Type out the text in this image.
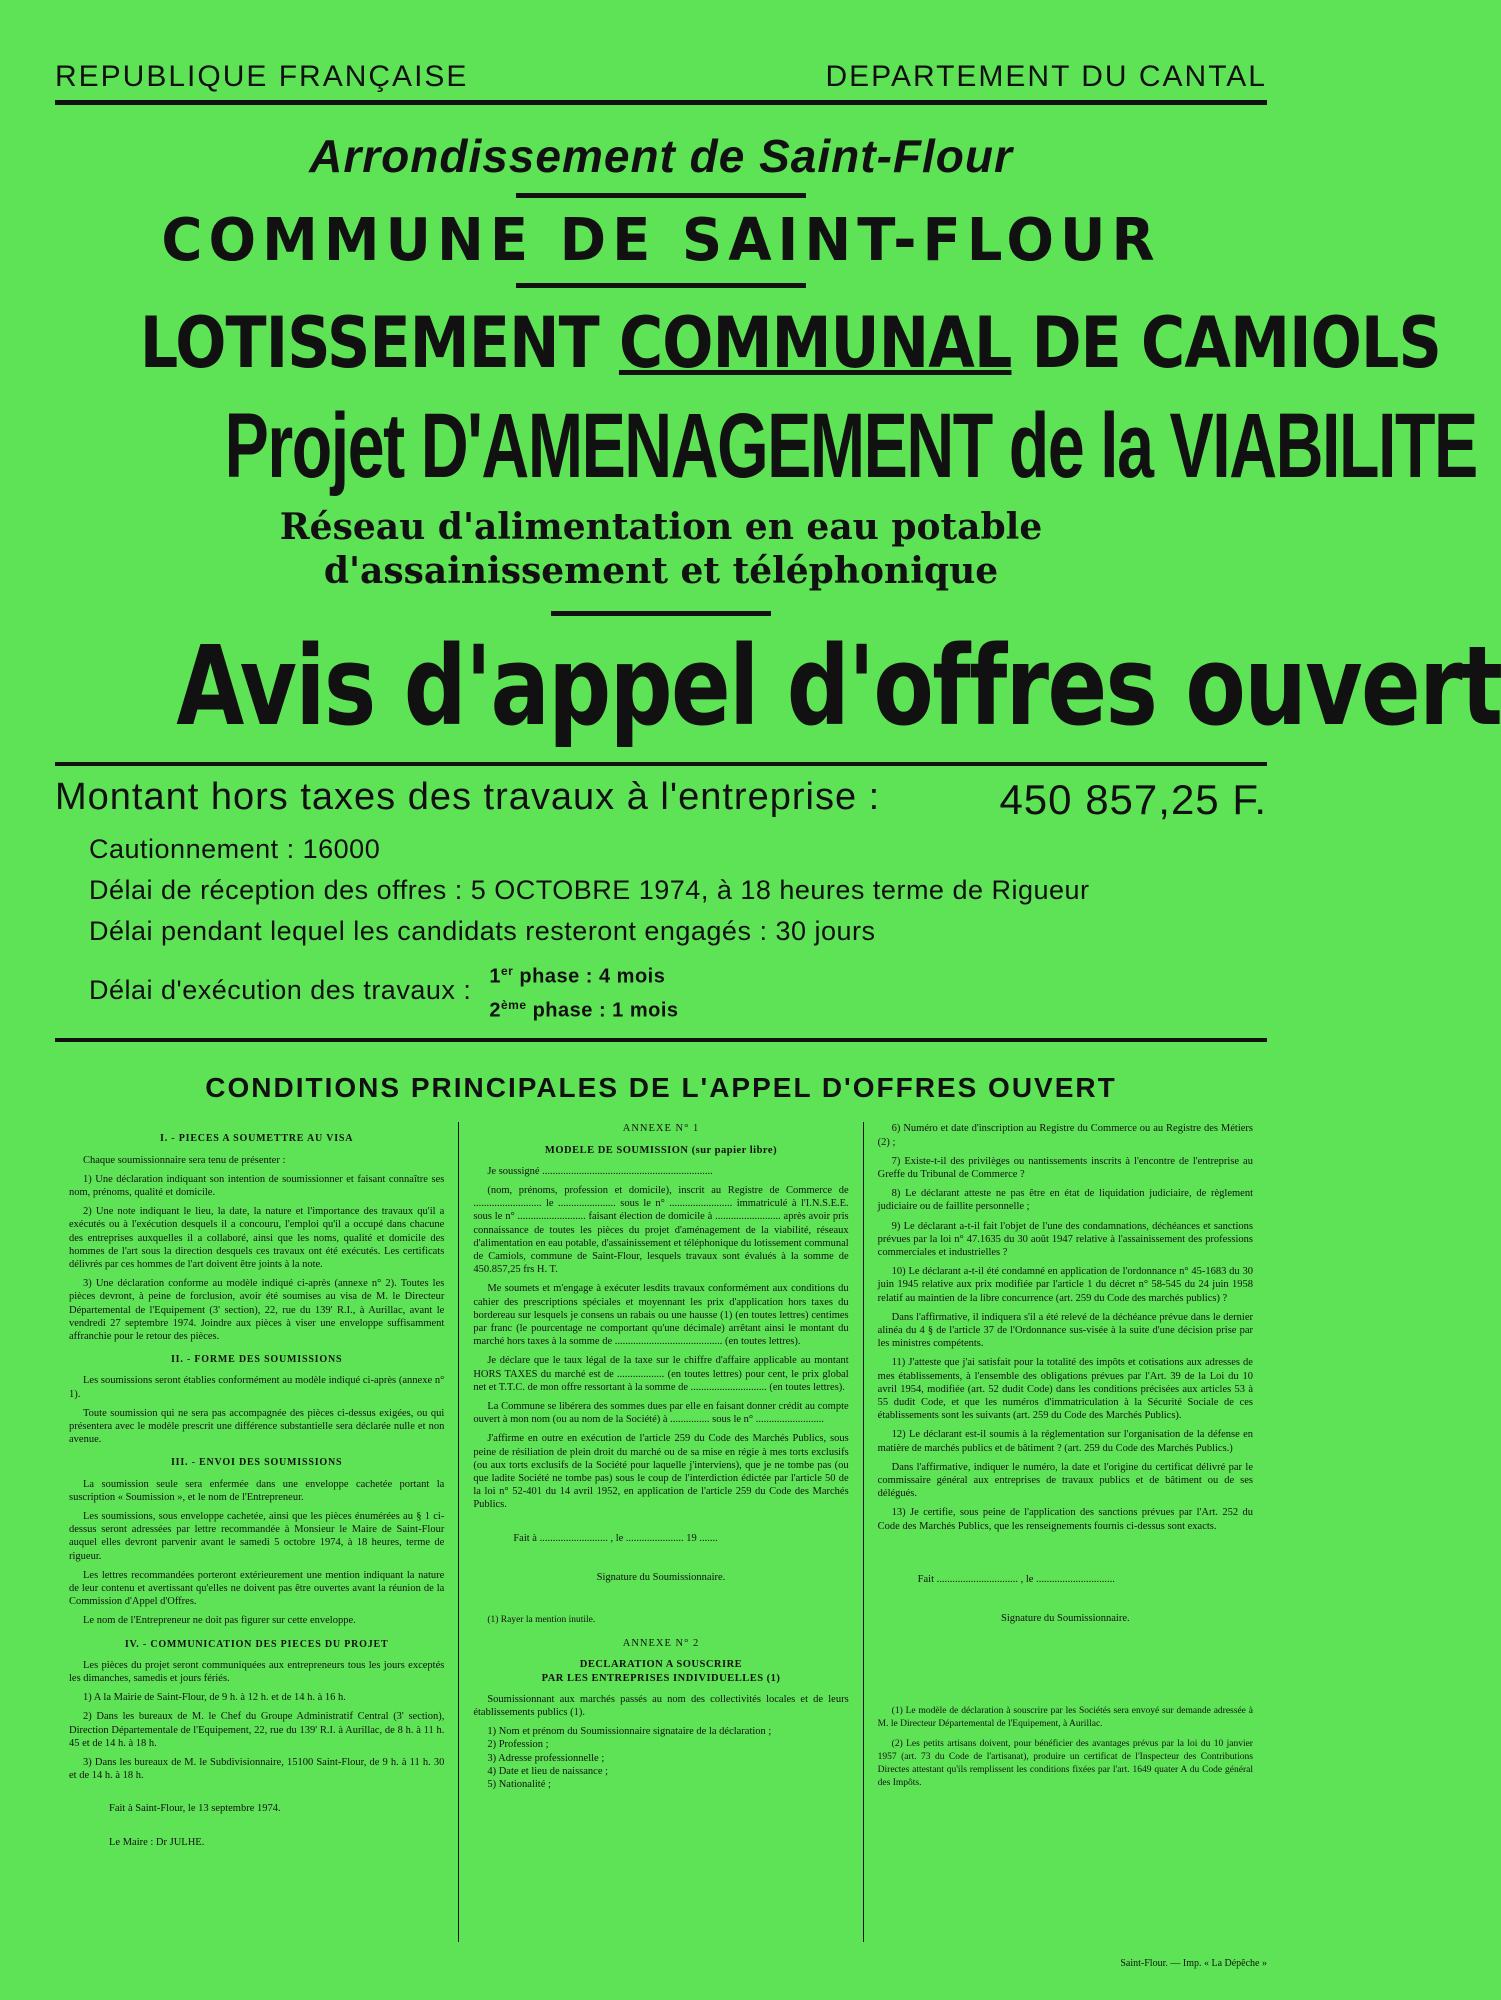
REPUBLIQUE FRANÇAISE	DEPARTEMENT DU CANTAL
Arrondissement de Saint-Flour
COMMUNE DE SAINT-FLOUR
LOTISSEMENT COMMUNAL DE CAMIOLS
Projet D'AMENAGEMENT de la VIABILITE
Réseau d'alimentation en eau potable
d'assainissement et téléphonique
Avis d'appel d'offres ouvert
Montant hors taxes des travaux à l'entreprise :	450 857,25 F.
Cautionnement : 16000
Délai de réception des offres : 5 OCTOBRE 1974, à 18 heures terme de Rigueur
Délai pendant lequel les candidats resteront engagés : 30 jours
Délai d'exécution des travaux : 1er phase : 4 mois
2ème phase : 1 mois
CONDITIONS PRINCIPALES DE L'APPEL D'OFFRES OUVERT
I. - PIECES A SOUMETTRE AU VISA

Chaque soumissionnaire sera tenu de présenter :

1) Une déclaration indiquant son intention de soumissionner et faisant connaître ses nom, prénoms, qualité et domicile.

2) Une note indiquant le lieu, la date, la nature et l'importance des travaux qu'il a exécutés ou à l'exécution desquels il a concouru, l'emploi qu'il a occupé dans chacune des entreprises auxquelles il a collaboré, ainsi que les noms, qualité et domicile des hommes de l'art sous la direction desquels ces travaux ont été exécutés. Les certificats délivrés par ces hommes de l'art doivent être joints à la note.

3) Une déclaration conforme au modèle indiqué ci-après (annexe n° 2). Toutes les pièces devront, à peine de forclusion, avoir été soumises au visa de M. le Directeur Départemental de l'Equipement (3' section), 22, rue du 139' R.I., à Aurillac, avant le vendredi 27 septembre 1974. Joindre aux pièces à viser une enveloppe suffisamment affranchie pour le retour des pièces.

II. - FORME DES SOUMISSIONS

Les soumissions seront établies conformément au modèle indiqué ci-après (annexe n° 1).

Toute soumission qui ne sera pas accompagnée des pièces ci-dessus exigées, ou qui présentera avec le modèle prescrit une différence substantielle sera déclarée nulle et non avenue.

III. - ENVOI DES SOUMISSIONS

La soumission seule sera enfermée dans une enveloppe cachetée portant la suscription « Soumission », et le nom de l'Entrepreneur.

Les soumissions, sous enveloppe cachetée, ainsi que les pièces énumérées au § 1 ci-dessus seront adressées par lettre recommandée à Monsieur le Maire de Saint-Flour auquel elles devront parvenir avant le samedi 5 octobre 1974, à 18 heures, terme de rigueur.

Les lettres recommandées porteront extérieurement une mention indiquant la nature de leur contenu et avertissant qu'elles ne doivent pas être ouvertes avant la réunion de la Commission d'Appel d'Offres.

Le nom de l'Entrepreneur ne doit pas figurer sur cette enveloppe.

IV. - COMMUNICATION DES PIECES DU PROJET

Les pièces du projet seront communiquées aux entrepreneurs tous les jours exceptés les dimanches, samedis et jours fériés.

1) A la Mairie de Saint-Flour, de 9 h. à 12 h. et de 14 h. à 16 h.

2) Dans les bureaux de M. le Chef du Groupe Administratif Central (3' section), Direction Départementale de l'Equipement, 22, rue du 139' R.I. à Aurillac, de 8 h. à 11 h. 45 et de 14 h. à 18 h.

3) Dans les bureaux de M. le Subdivisionnaire, 15100 Saint-Flour, de 9 h. à 11 h. 30 et de 14 h. à 18 h.

Fait à Saint-Flour, le 13 septembre 1974.

Le Maire : Dr JULHE.

ANNEXE N° 1
MODELE DE SOUMISSION (sur papier libre)

Je soussigné .................................................................

(nom, prénoms, profession et domicile), inscrit au Registre de Commerce de .......................... le ...................... sous le n° ........................ immatriculé à l'I.N.S.E.E. sous le n° .......................... faisant élection de domicile à ......................... après avoir pris connaissance de toutes les pièces du projet d'aménagement de la viabilité, réseaux d'alimentation en eau potable, d'assainissement et téléphonique du lotissement communal de Camiols, commune de Saint-Flour, lesquels travaux sont évalués à la somme de 450.857,25 frs H. T.

Me soumets et m'engage à exécuter lesdits travaux conformément aux conditions du cahier des prescriptions spéciales et moyennant les prix d'application hors taxes du bordereau sur lesquels je consens un rabais ou une hausse (1) (en toutes lettres) centimes par franc (le pourcentage ne comportant qu'une décimale) arrêtant ainsi le montant du marché hors taxes à la somme de ......................................... (en toutes lettres).

Je déclare que le taux légal de la taxe sur le chiffre d'affaire applicable au montant HORS TAXES du marché est de .................. (en toutes lettres) pour cent, le prix global net et T.T.C. de mon offre ressortant à la somme de ............................. (en toutes lettres).

La Commune se libérera des sommes dues par elle en faisant donner crédit au compte ouvert à mon nom (ou au nom de la Société) à ............... sous le n° ..........................

J'affirme en outre en exécution de l'article 259 du Code des Marchés Publics, sous peine de résiliation de plein droit du marché ou de sa mise en régie à mes torts exclusifs (ou aux torts exclusifs de la Société pour laquelle j'interviens), que je ne tombe pas (ou que ladite Société ne tombe pas) sous le coup de l'interdiction édictée par l'article 50 de la loi n° 52-401 du 14 avril 1952, en application de l'article 259 du Code des Marchés Publics.

Fait à .......................... , le ...................... 19 .......

Signature du Soumissionnaire.

(1) Rayer la mention inutile.

ANNEXE N° 2
DECLARATION A SOUSCRIRE
PAR LES ENTREPRISES INDIVIDUELLES (1)

Soumissionnant aux marchés passés au nom des collectivités locales et de leurs établissements publics (1).

1) Nom et prénom du Soumissionnaire signataire de la déclaration ;

2) Profession ;

3) Adresse professionnelle ;

4) Date et lieu de naissance ;

5) Nationalité ;

6) Numéro et date d'inscription au Registre du Commerce ou au Registre des Métiers (2) ;

7) Existe-t-il des privilèges ou nantissements inscrits à l'encontre de l'entreprise au Greffe du Tribunal de Commerce ?

8) Le déclarant atteste ne pas être en état de liquidation judiciaire, de règlement judiciaire ou de faillite personnelle ;

9) Le déclarant a-t-il fait l'objet de l'une des condamnations, déchéances et sanctions prévues par la loi n° 47.1635 du 30 août 1947 relative à l'assainissement des professions commerciales et industrielles ?

10) Le déclarant a-t-il été condamné en application de l'ordonnance n° 45-1683 du 30 juin 1945 relative aux prix modifiée par l'article 1 du décret n° 58-545 du 24 juin 1958 relatif au maintien de la libre concurrence (art. 259 du Code des marchés publics) ?

Dans l'affirmative, il indiquera s'il a été relevé de la déchéance prévue dans le dernier alinéa du 4 § de l'article 37 de l'Ordonnance sus-visée à la suite d'une décision prise par les ministres compétents.

11) J'atteste que j'ai satisfait pour la totalité des impôts et cotisations aux adresses de mes établissements, à l'ensemble des obligations prévues par l'Art. 39 de la Loi du 10 avril 1954, modifiée (art. 52 dudit Code) dans les conditions précisées aux articles 53 à 55 dudit Code, et que les numéros d'immatriculation à la Sécurité Sociale de ces établissements sont les suivants (art. 259 du Code des Marchés Publics).

12) Le déclarant est-il soumis à la réglementation sur l'organisation de la défense en matière de marchés publics et de bâtiment ? (art. 259 du Code des Marchés Publics.)

Dans l'affirmative, indiquer le numéro, la date et l'origine du certificat délivré par le commissaire général aux entreprises de travaux publics et de bâtiment ou de ses délégués.

13) Je certifie, sous peine de l'application des sanctions prévues par l'Art. 252 du Code des Marchés Publics, que les renseignements fournis ci-dessus sont exacts.

Fait ............................... , le ..............................

Signature du Soumissionnaire.

(1) Le modèle de déclaration à souscrire par les Sociétés sera envoyé sur demande adressée à M. le Directeur Départemental de l'Equipement, à Aurillac.

(2) Les petits artisans doivent, pour bénéficier des avantages prévus par la loi du 10 janvier 1957 (art. 73 du Code de l'artisanat), produire un certificat de l'Inspecteur des Contributions Directes attestant qu'ils remplissent les conditions fixées par l'art. 1649 quater A du Code général des Impôts.

Saint-Flour. — Imp. « La Dépêche »
